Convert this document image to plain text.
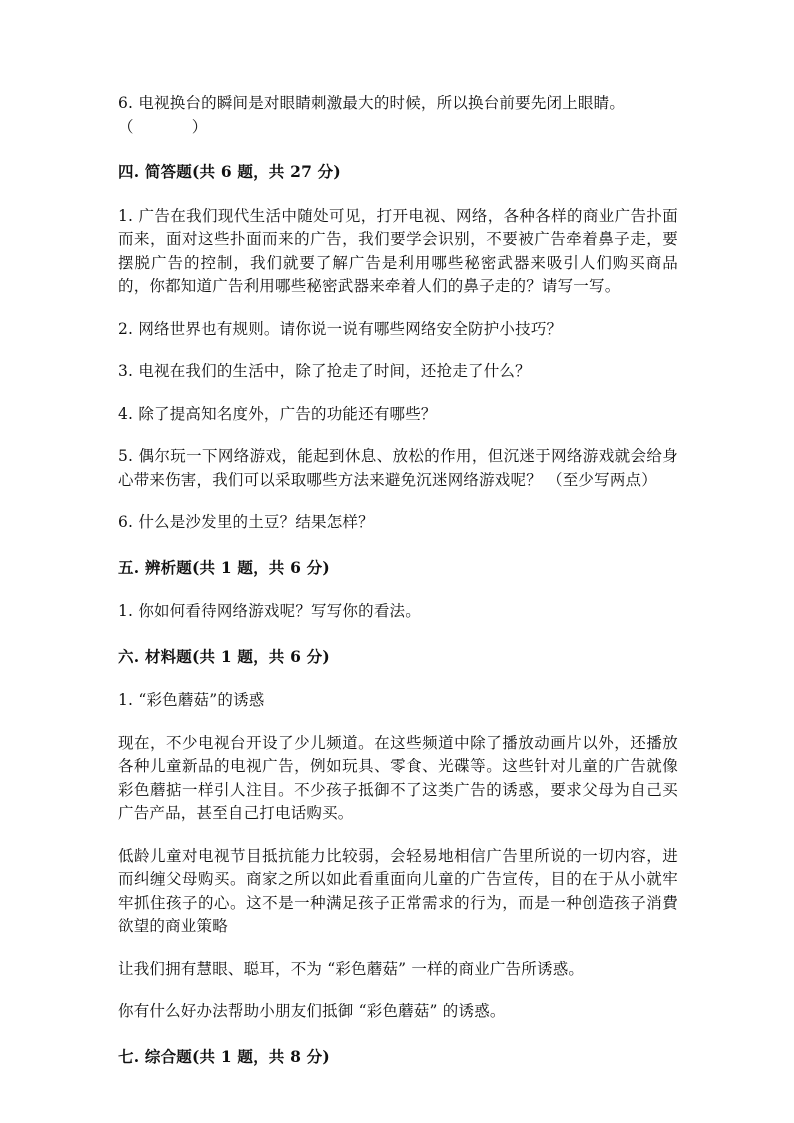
6. 电视换台的瞬间是对眼睛刺激最大的时候，所以换台前要先闭上眼睛。
（	）

四. 简答题(共 6 题，共 27 分)

1. 广告在我们现代生活中随处可见，打开电视、网络，各种各样的商业广告扑面而来，面对这些扑面而来的广告，我们要学会识别，不要被广告牵着鼻子走，要摆脱广告的控制，我们就要了解广告是利用哪些秘密武器来吸引人们购买商品的，你都知道广告利用哪些秘密武器来牵着人们的鼻子走的？请写一写。

2. 网络世界也有规则。请你说一说有哪些网络安全防护小技巧？

3. 电视在我们的生活中，除了抢走了时间，还抢走了什么？

4. 除了提高知名度外，广告的功能还有哪些？

5. 偶尔玩一下网络游戏，能起到休息、放松的作用，但沉迷于网络游戏就会给身心带来伤害，我们可以采取哪些方法来避免沉迷网络游戏呢？ （至少写两点）

6. 什么是沙发里的土豆？结果怎样？

五. 辨析题(共 1 题，共 6 分)

1. 你如何看待网络游戏呢？写写你的看法。

六. 材料题(共 1 题，共 6 分)

1. “彩色蘑菇”的诱惑

现在，不少电视台开设了少儿频道。在这些频道中除了播放动画片以外，还播放各种儿童新品的电视广告，例如玩具、零食、光碟等。这些针对儿童的广告就像彩色蘑掂一样引人注目。不少孩子抵御不了这类广告的诱惑，要求父母为自己买广告产品，甚至自己打电话购买。

低龄儿童对电视节目抵抗能力比较弱，会轻易地相信广告里所说的一切内容，进而纠缠父母购买。商家之所以如此看重面向儿童的广告宣传，目的在于从小就牢牢抓住孩子的心。这不是一种满足孩子正常需求的行为，而是一种创造孩子消費欲望的商业策略

让我们拥有慧眼、聪耳，不为 “彩色蘑菇” 一样的商业广告所诱惑。

你有什么好办法帮助小朋友们抵御 “彩色蘑菇” 的诱惑。

七. 综合题(共 1 题，共 8 分)
